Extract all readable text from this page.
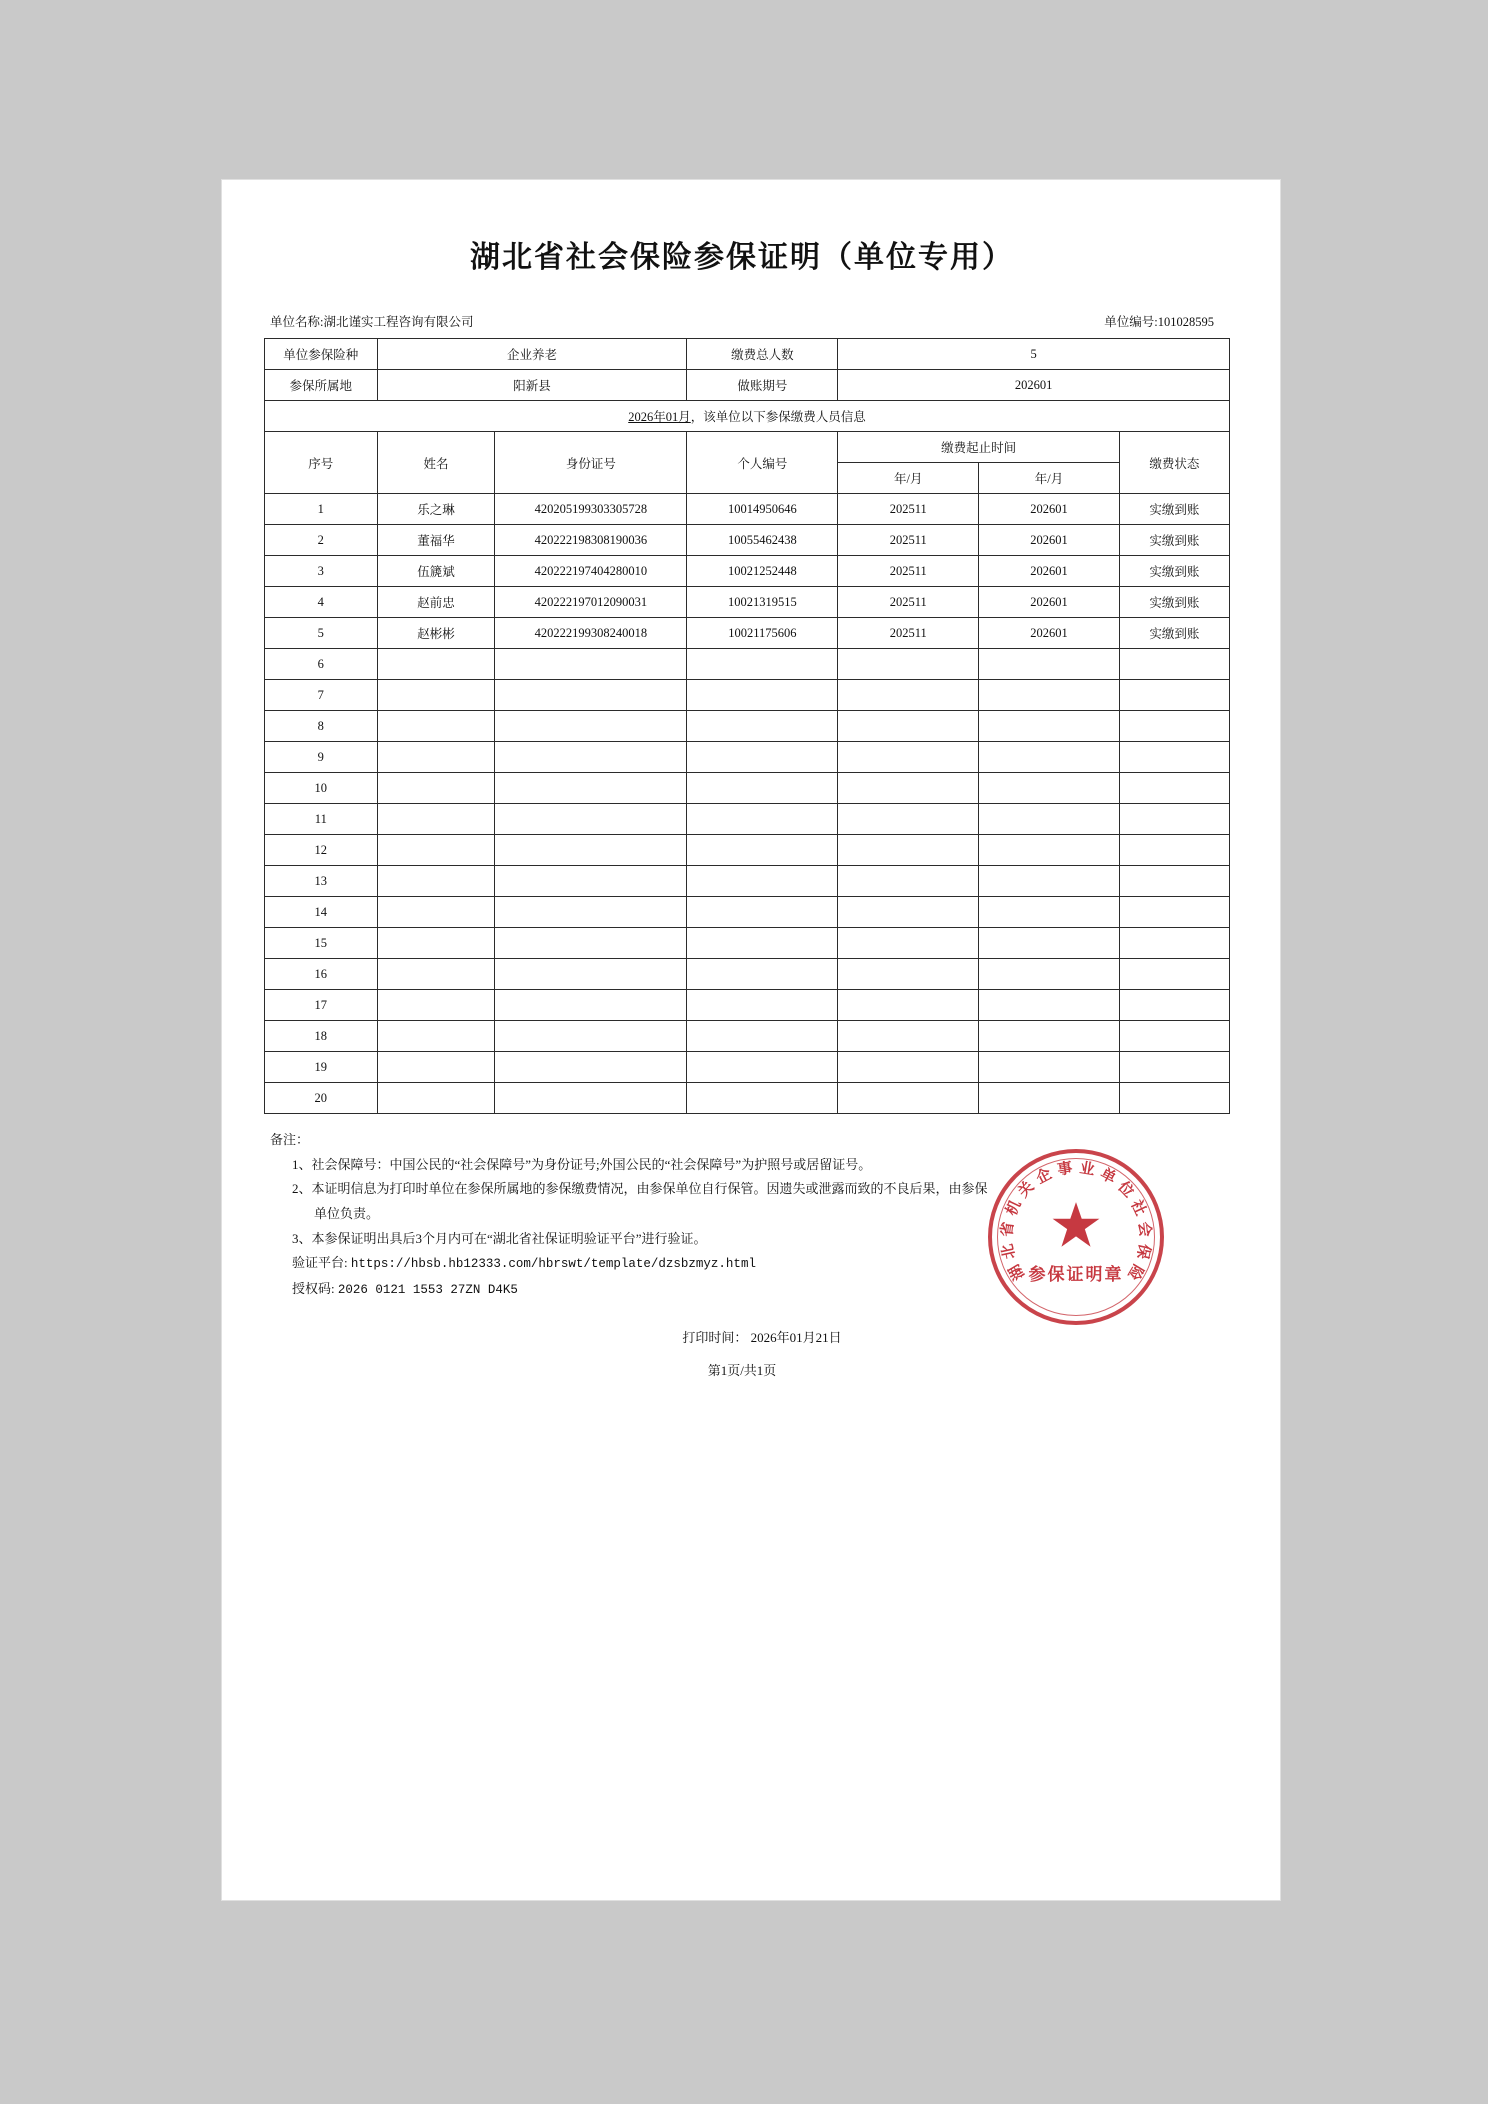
湖北省社会保险参保证明（单位专用）
单位名称:湖北谨实工程咨询有限公司	单位编号:101028595
单位参保险种	企业养老		缴费总人数	5		
参保所属地	阳新县		做账期号	202601		
2026年01月，该单位以下参保缴费人员信息						
序号	姓名	身份证号	个人编号	缴费起止时间		缴费状态
				年/月	年/月	
1	乐之琳	420205199303305728	10014950646	202511	202601	实缴到账
2	董福华	420222198308190036	10055462438	202511	202601	实缴到账
3	伍篪斌	420222197404280010	10021252448	202511	202601	实缴到账
4	赵前忠	420222197012090031	10021319515	202511	202601	实缴到账
5	赵彬彬	420222199308240018	10021175606	202511	202601	实缴到账
6						
7						
8						
9						
10						
11						
12						
13						
14						
15						
16						
17						
18						
19						
20						

备注：

1、社会保障号：中国公民的“社会保障号”为身份证号;外国公民的“社会保障号”为护照号或居留证号。

2、本证明信息为打印时单位在参保所属地的参保缴费情况，由参保单位自行保管。因遗失或泄露而致的不良后果，由参保

单位负责。

3、本参保证明出具后3个月内可在“湖北省社保证明验证平台”进行验证。

验证平台: https://hbsb.hb12333.com/hbrswt/template/dzsbzmyz.html

授权码: 2026 0121 1553 27ZN D4K5

参保证明章
湖
北
省
机
关
企 事 业 单
位
社
会
保
险
打印时间： 2026年01月21日
第1页/共1页
